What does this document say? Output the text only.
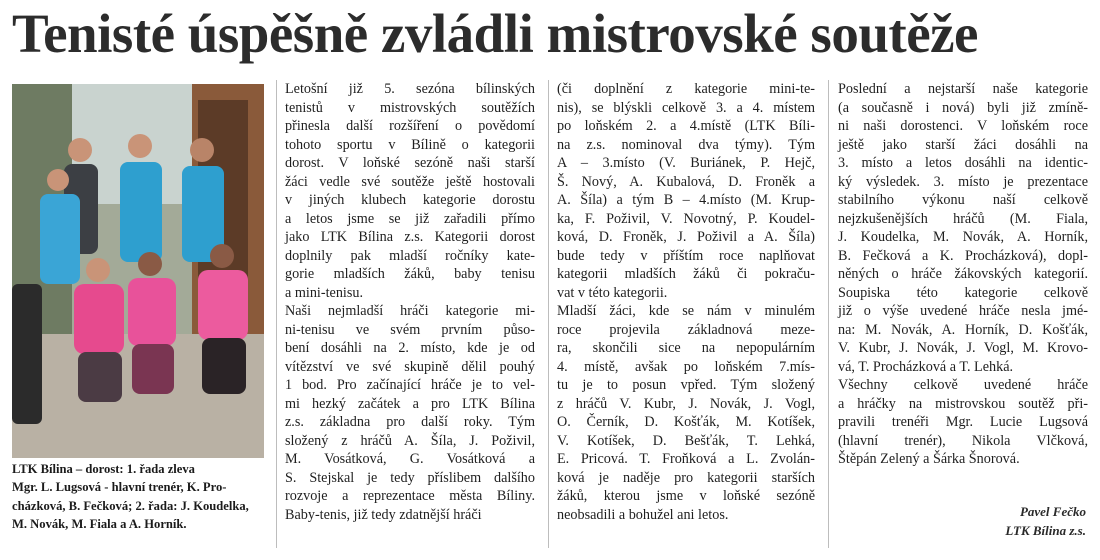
Tenisté úspěšně zvládli mistrovské soutěže

LTK Bílina – dorost: 1. řada zleva

Mgr. L. Lugsová - hlavní trenér, K. Pro-

cházková, B. Fečková; 2. řada: J. Koudelka,

M. Novák, M. Fiala a A. Horník.

Letošní již 5. sezóna bílinských

tenistů v mistrovských soutěžích

přinesla další rozšíření o povědomí

tohoto sportu v Bílině o kategorii

dorost. V loňské sezóně naši starší

žáci vedle své soutěže ještě hostovali

v jiných klubech kategorie dorostu

a letos jsme se již zařadili přímo

jako LTK Bílina z.s. Kategorii dorost

doplnily pak mladší ročníky kate-

gorie mladších žáků, baby tenisu

a mini-tenisu.

Naši nejmladší hráči kategorie mi-

ni-tenisu ve svém prvním půso-

bení dosáhli na 2. místo, kde je od

vítězství ve své skupině dělil pouhý

1 bod. Pro začínající hráče je to vel-

mi hezký začátek a pro LTK Bílina

z.s. základna pro další roky. Tým

složený z hráčů A. Šíla, J. Poživil,

M. Vosátková, G. Vosátková a

S. Stejskal je tedy příslibem dalšího

rozvoje a reprezentace města Bíliny.

Baby-tenis, již tedy zdatnější hráči

(či doplnění z kategorie mini-te-

nis), se blýskli celkově 3. a 4. místem

po loňském 2. a 4.místě (LTK Bíli-

na z.s. nominoval dva týmy). Tým

A – 3.místo (V. Buriánek, P. Hejč,

Š. Nový, A. Kubalová, D. Froněk a

A. Šíla) a tým B – 4.místo (M. Krup-

ka, F. Poživil, V. Novotný, P. Koudel-

ková, D. Froněk, J. Poživil a A. Šíla)

bude tedy v příštím roce naplňovat

kategorii mladších žáků či pokraču-

vat v této kategorii.

Mladší žáci, kde se nám v minulém

roce projevila základnová meze-

ra, skončili sice na nepopulárním

4. místě, avšak po loňském 7.mís-

tu je to posun vpřed. Tým složený

z hráčů V. Kubr, J. Novák, J. Vogl,

O. Černík, D. Košťák, M. Kotíšek,

V. Kotíšek, D. Bešťák, T. Lehká,

E. Pricová. T. Froňková a L. Zvolán-

ková je naděje pro kategorii starších

žáků, kterou jsme v loňské sezóně

neobsadili a bohužel ani letos.

Poslední a nejstarší naše kategorie

(a současně i nová) byli již zmíně-

ni naši dorostenci. V loňském roce

ještě jako starší žáci dosáhli na

3. místo a letos dosáhli na identic-

ký výsledek. 3. místo je prezentace

stabilního výkonu naší celkově

nejzkušenějších hráčů (M. Fiala,

J. Koudelka, M. Novák, A. Horník,

B. Fečková a K. Procházková), dopl-

něných o hráče žákovských kategorií.

Soupiska této kategorie celkově

již o výše uvedené hráče nesla jmé-

na: M. Novák, A. Horník, D. Košťák,

V. Kubr, J. Novák, J. Vogl, M. Krovo-

vá, T. Procházková a T. Lehká.

Všechny celkově uvedené hráče

a hráčky na mistrovskou soutěž při-

pravili trenéři Mgr. Lucie Lugsová

(hlavní trenér), Nikola Vlčková,

Štěpán Zelený a Šárka Šnorová.

Pavel Fečko
LTK Bílina z.s.
